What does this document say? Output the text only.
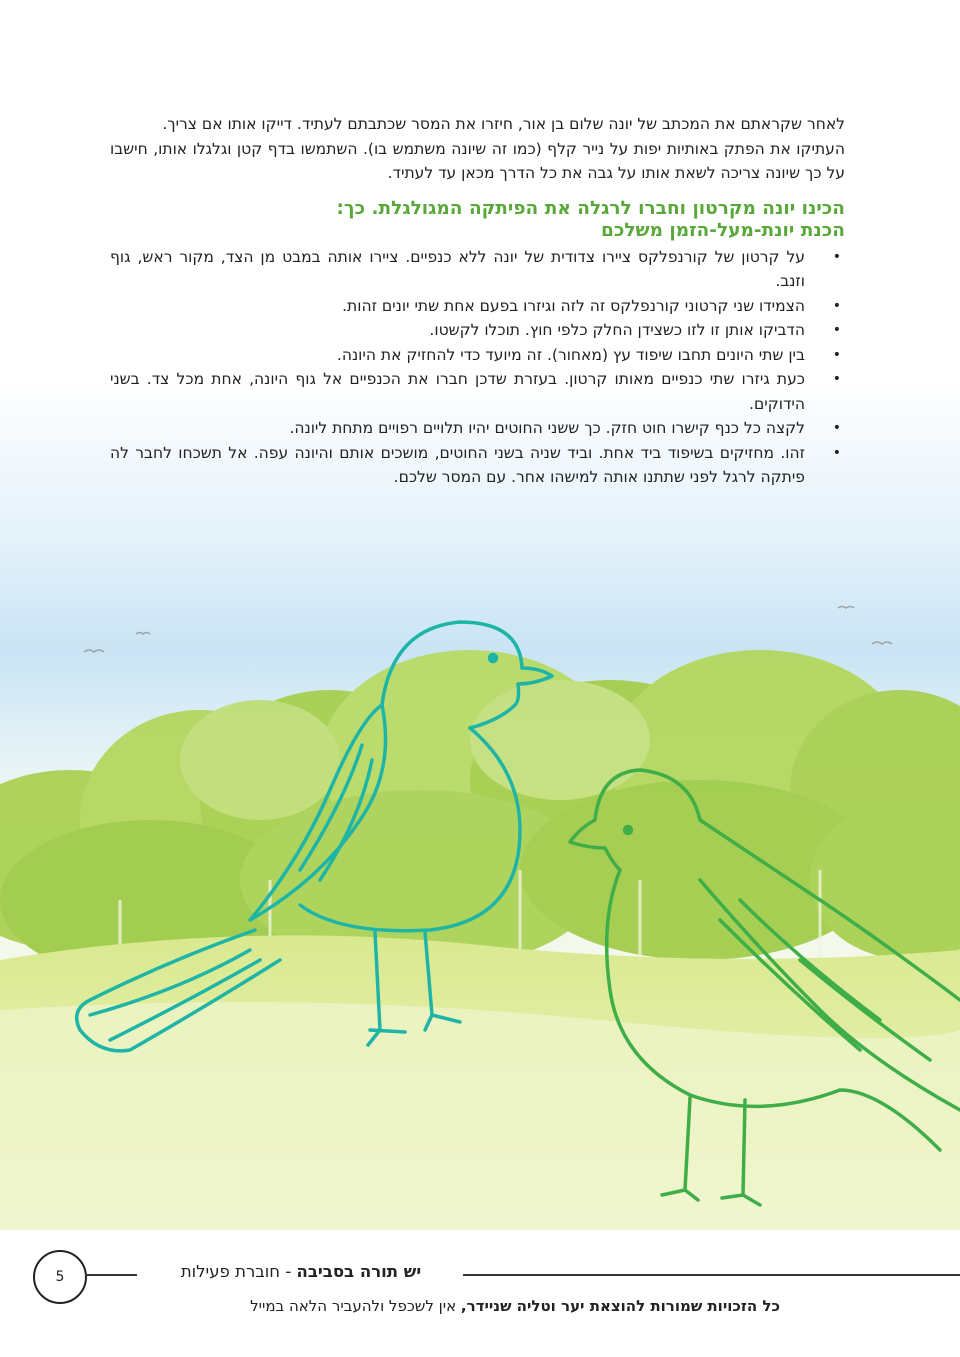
לאחר שקראתם את המכתב של יונה שלום בן אור, חיזרו את המסר שכתבתם לעתיד. דייקו אותו אם צריך.

העתיקו את הפתק באותיות יפות על נייר קלף (כמו זה שיונה משתמש בו). השתמשו בדף קטן וגלגלו אותו, חישבו על כך שיונה צריכה לשאת אותו על גבה את כל הדרך מכאן עד לעתיד.

הכינו יונה מקרטון וחברו לרגלה את הפיתקה המגולגלת. כך:
הכנת יונת-מעל-הזמן משלכם

•
על קרטון של קורנפלקס ציירו צדודית של יונה ללא כנפיים. ציירו אותה במבט מן הצד, מקור ראש, גוף וזנב.
•
הצמידו שני קרטוני קורנפלקס זה לזה וגיזרו בפעם אחת שתי יונים זהות.
•
הדביקו אותן זו לזו כשצידן החלק כלפי חוץ. תוכלו לקשטו.
•
בין שתי היונים תחבו שיפוד עץ (מאחור). זה מיועד כדי להחזיק את היונה.
•
כעת גיזרו שתי כנפיים מאותו קרטון. בעזרת שדכן חברו את הכנפיים אל גוף היונה, אחת מכל צד. בשני הידוקים.
•
לקצה כל כנף קישרו חוט חזק. כך ששני החוטים יהיו תלויים רפויים מתחת ליונה.
•
זהו. מחזיקים בשיפוד ביד אחת. וביד שניה בשני החוטים, מושכים אותם והיונה עפה. אל תשכחו לחבר לה פיתקה לרגל לפני שתתנו אותה למישהו אחר. עם המסר שלכם.
5	יש תורה בסביבה - חוברת פעילות
כל הזכויות שמורות להוצאת יער וטליה שניידר, אין לשכפל ולהעביר הלאה במייל
